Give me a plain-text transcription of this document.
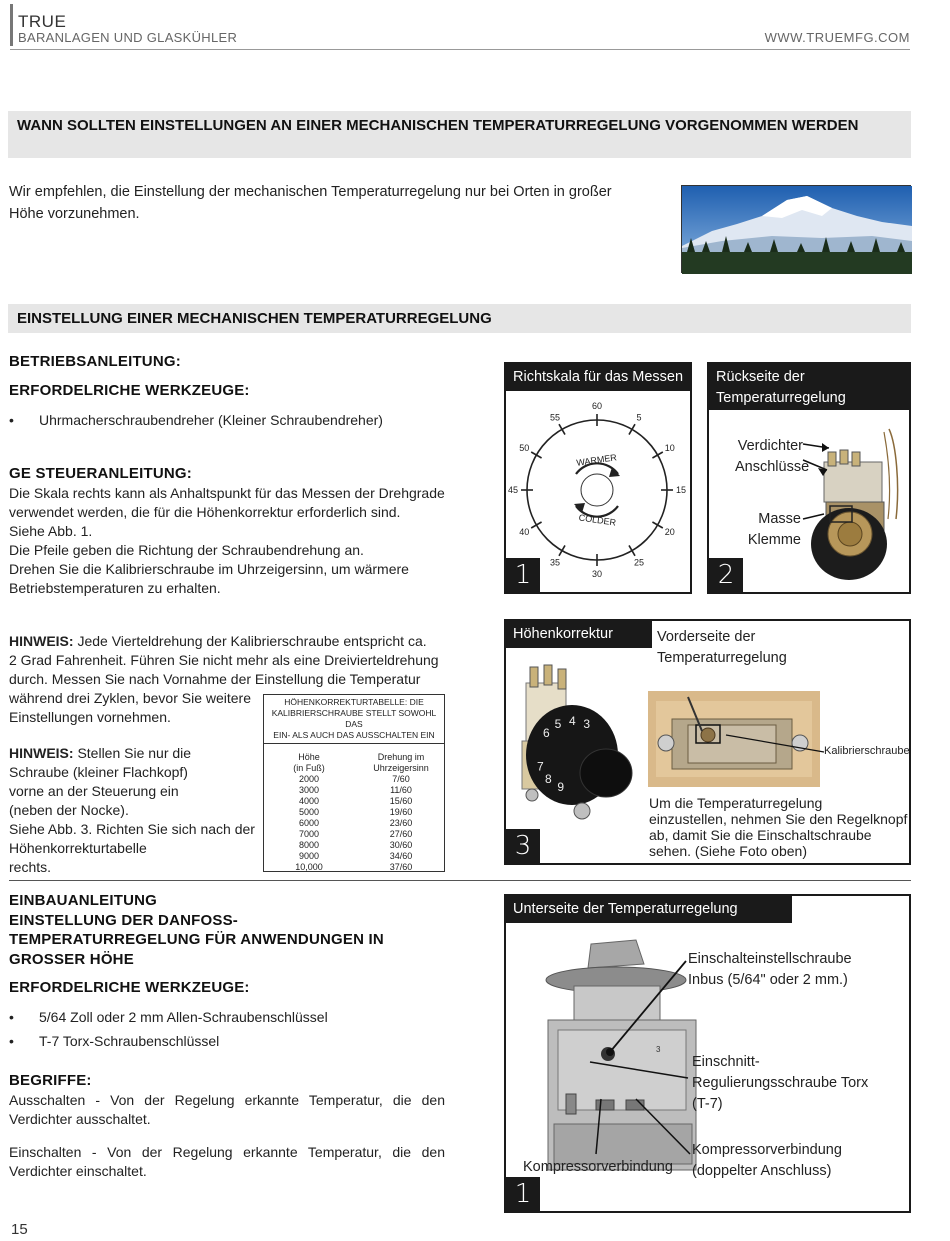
TRUE
BARANLAGEN UND GLASKÜHLER	WWW.TRUEMFG.COM
WANN SOLLTEN EINSTELLUNGEN AN EINER MECHANISCHEN TEMPERATURREGELUNG VORGENOMMEN WERDEN
Wir empfehlen, die Einstellung der mechanischen Temperaturregelung nur bei Orten in großer
Höhe vorzunehmen.
EINSTELLUNG EINER MECHANISCHEN TEMPERATURREGELUNG
BETRIEBSANLEITUNG:
ERFORDELRICHE WERKZEUGE:
• Uhrmacherschraubendreher (Kleiner Schraubendreher)
GE STEUERANLEITUNG:
Die Skala rechts kann als Anhaltspunkt für das Messen der Drehgrade
verwendet werden, die für die Höhenkorrektur erforderlich sind.
Siehe Abb. 1.
Die Pfeile geben die Richtung der Schraubendrehung an.
Drehen Sie die Kalibrierschraube im Uhrzeigersinn, um wärmere
Betriebstemperaturen zu erhalten.
HINWEIS: Jede Vierteldrehung der Kalibrierschraube entspricht ca.
2 Grad Fahrenheit. Führen Sie nicht mehr als eine Dreivierteldrehung
durch. Messen Sie nach Vornahme der Einstellung die Temperatur
während drei Zyklen, bevor Sie weitere
Einstellungen vornehmen.
HINWEIS: Stellen Sie nur die
Schraube (kleiner Flachkopf)
vorne an der Steuerung ein
(neben der Nocke).
Siehe Abb. 3. Richten Sie sich nach der
Höhenkorrekturtabelle
rechts.
HÖHENKORREKTURTABELLE: DIE
KALIBRIERSCHRAUBE STELLT SOWOHL DAS
EIN- ALS AUCH DAS AUSSCHALTEN EIN
Höhe
(in Fuß)
2000
3000
4000
5000
6000
7000
8000
9000
10,000
Drehung im
Uhrzeigersinn
7/60
11/60
15/60
19/60
23/60
27/60
30/60
34/60
37/60
Richtskala für das Messen
60
5
10
15
20
25
30
35
40
45
50
55
WARMER
COLDER
1
Rückseite der
Temperaturregelung
Verdichter
Anschlüsse
Masse
Klemme
2
Höhenkorrektur	Vorderseite der
Temperaturregelung
6
5 4 3
7
8
9
Kalibrierschraube
Um die Temperaturregelung
einzustellen, nehmen Sie den Regelknopf
ab, damit Sie die Einschaltschraube
sehen. (Siehe Foto oben)
3
EINBAUANLEITUNG
EINSTELLUNG DER DANFOSS-
TEMPERATURREGELUNG FÜR ANWENDUNGEN IN
GROSSER HÖHE
ERFORDELRICHE WERKZEUGE:
• 5/64 Zoll oder 2 mm Allen-Schraubenschlüssel
• T-7 Torx-Schraubenschlüssel
BEGRIFFE:
Ausschalten - Von der Regelung erkannte Temperatur, die den
Verdichter ausschaltet.
Einschalten - Von der Regelung erkannte Temperatur, die den
Verdichter einschaltet.
Unterseite der Temperaturregelung
3
Einschalteinstellschraube
Inbus (5/64" oder 2 mm.)
Einschnitt-
Regulierungsschraube Torx
(T-7)
Kompressorverbindung
(doppelter Anschluss)
Kompressorverbindung
1
15
